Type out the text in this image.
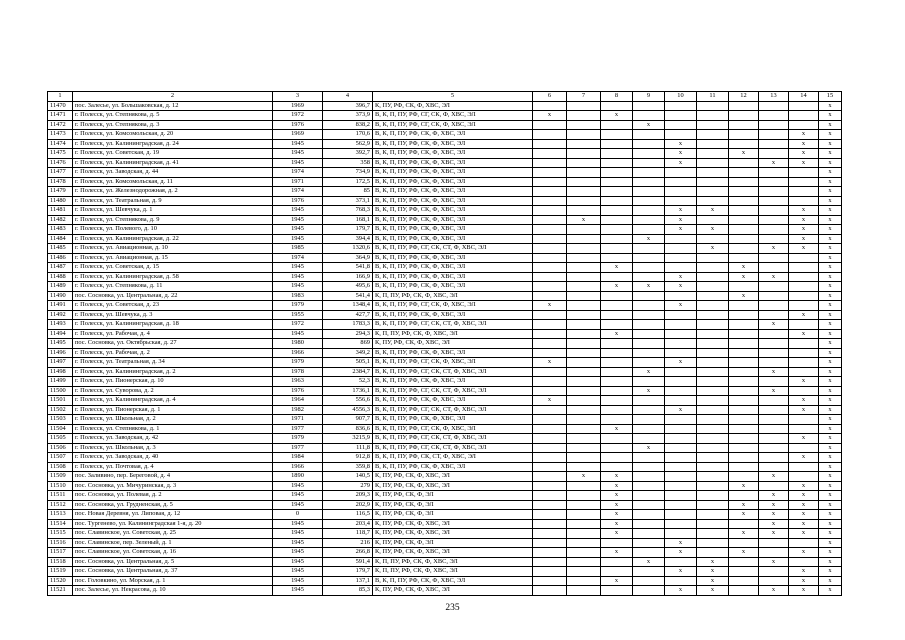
1	2	3	4	5	6	7	8	9	10	11	12	13	14	15
11470	пос. Залесье, ул. Большаковская, д. 12	1969	396,7	К, ПУ, РФ, СК, Ф, ХВС, ЭЛ										x
11471	г. Полесск, ул. Степнякова, д. 5	1972	373,9	В, К, П, ПУ, РФ, СГ, СК, Ф, ХВС, ЭЛ	x		x							x
11472	г. Полесск, ул. Степнякова, д. 3	1976	838,2	В, К, П, ПУ, РФ, СГ, СК, Ф, ХВС, ЭЛ				x						x
11473	г. Полесск, ул. Комсомольская, д. 20	1969	170,6	В, К, П, ПУ, РФ, СК, Ф, ХВС, ЭЛ									x	x
11474	г. Полесск, ул. Калининградская, д. 24	1945	562,9	В, К, П, ПУ, РФ, СК, Ф, ХВС, ЭЛ					x				x	x
11475	г. Полесск, ул. Советская, д. 19	1945	392,7	В, К, П, ПУ, РФ, СК, Ф, ХВС, ЭЛ					x		x		x	x
11476	г. Полесск, ул. Калининградская, д. 41	1945	358	В, К, П, ПУ, РФ, СК, Ф, ХВС, ЭЛ					x			x	x	x
11477	г. Полесск, ул. Заводская, д. 44	1974	734,9	В, К, П, ПУ, РФ, СК, Ф, ХВС, ЭЛ										x
11478	г. Полесск, ул. Комсомольская, д. 11	1971	172,5	В, К, П, ПУ, РФ, СК, Ф, ХВС, ЭЛ										x
11479	г. Полесск, ул. Железнодорожная, д. 2	1974	85	В, К, П, ПУ, РФ, СК, Ф, ХВС, ЭЛ										x
11480	г. Полесск, ул. Театральная, д. 9	1976	373,1	В, К, П, ПУ, РФ, СК, Ф, ХВС, ЭЛ										x
11481	г. Полесск, ул. Шевчука, д. 1	1945	768,3	В, К, П, ПУ, РФ, СК, Ф, ХВС, ЭЛ					x	x			x	x
11482	г. Полесск, ул. Степнякова, д. 9	1945	168,1	В, К, П, ПУ, РФ, СК, Ф, ХВС, ЭЛ		x			x				x	x
11483	г. Полесск, ул. Полевого, д. 10	1945	179,7	В, К, П, ПУ, РФ, СК, Ф, ХВС, ЭЛ					x	x			x	x
11484	г. Полесск, ул. Калининградская, д. 22	1945	394,4	В, К, П, ПУ, РФ, СК, Ф, ХВС, ЭЛ				x					x	x
11485	г. Полесск, ул. Авиационная, д. 10	1985	1320,6	В, К, П, ПУ, РФ, СГ, СК, СТ, Ф, ХВС, ЭЛ						x		x	x	x
11486	г. Полесск, ул. Авиационная, д. 15	1974	364,9	В, К, П, ПУ, РФ, СК, Ф, ХВС, ЭЛ										x
11487	г. Полесск, ул. Советская, д. 15	1945	541,8	В, К, П, ПУ, РФ, СК, Ф, ХВС, ЭЛ			x				x			x
11488	г. Полесск, ул. Калининградская, д. 58	1945	166,9	В, К, П, ПУ, РФ, СК, Ф, ХВС, ЭЛ					x		x	x		x
11489	г. Полесск, ул. Степнякова, д. 11	1945	495,6	В, К, П, ПУ, РФ, СК, Ф, ХВС, ЭЛ			x	x	x					x
11490	пос. Сосновка, ул. Центральная, д. 22	1983	541,4	К, П, ПУ, РФ, СК, Ф, ХВС, ЭЛ							x			x
11491	г. Полесск, ул. Советская, д. 23	1979	1348,4	В, К, П, ПУ, РФ, СГ, СК, Ф, ХВС, ЭЛ	x				x					x
11492	г. Полесск, ул. Шевчука, д. 3	1955	427,7	В, К, П, ПУ, РФ, СК, Ф, ХВС, ЭЛ									x	x
11493	г. Полесск, ул. Калининградская, д. 18	1972	1783,3	В, К, П, ПУ, РФ, СГ, СК, СТ, Ф, ХВС, ЭЛ								x		x
11494	г. Полесск, ул. Рабочая, д. 4	1945	294,3	К, П, ПУ, РФ, СК, Ф, ХВС, ЭЛ			x						x	x
11495	пос. Сосновка, ул. Октябрьская, д. 27	1980	869	К, ПУ, РФ, СК, Ф, ХВС, ЭЛ										x
11496	г. Полесск, ул. Рабочая, д. 2	1966	349,2	В, К, П, ПУ, РФ, СК, Ф, ХВС, ЭЛ										x
11497	г. Полесск, ул. Театральная, д. 34	1979	505,1	В, К, П, ПУ, РФ, СГ, СК, Ф, ХВС, ЭЛ	x				x					x
11498	г. Полесск, ул. Калининградская, д. 2	1978	2384,7	В, К, П, ПУ, РФ, СГ, СК, СТ, Ф, ХВС, ЭЛ				x				x		x
11499	г. Полесск, ул. Пионерская, д. 10	1963	52,3	В, К, П, ПУ, РФ, СК, Ф, ХВС, ЭЛ									x	x
11500	г. Полесск, ул. Суворова, д. 2	1976	1736,1	В, К, П, ПУ, РФ, СГ, СК, СТ, Ф, ХВС, ЭЛ				x				x		x
11501	г. Полесск, ул. Калининградская, д. 4	1964	556,6	В, К, П, ПУ, РФ, СК, Ф, ХВС, ЭЛ	x								x	x
11502	г. Полесск, ул. Пионерская, д. 1	1982	4556,3	В, К, П, ПУ, РФ, СГ, СК, СТ, Ф, ХВС, ЭЛ					x				x	x
11503	г. Полесск, ул. Школьная, д. 2	1971	907,7	В, К, П, ПУ, РФ, СК, Ф, ХВС, ЭЛ										x
11504	г. Полесск, ул. Степнякова, д. 1	1977	836,6	В, К, П, ПУ, РФ, СГ, СК, Ф, ХВС, ЭЛ			x							x
11505	г. Полесск, ул. Заводская, д. 42	1979	3215,9	В, К, П, ПУ, РФ, СГ, СК, СТ, Ф, ХВС, ЭЛ									x	x
11506	г. Полесск, ул. Школьная, д. 3	1977	111,8	В, К, П, ПУ, РФ, СГ, СК, СТ, Ф, ХВС, ЭЛ				x						x
11507	г. Полесск, ул. Заводская, д. 40	1984	912,8	В, К, П, ПУ, РФ, СК, СТ, Ф, ХВС, ЭЛ									x	x
11508	г. Полесск, ул. Почтовая, д. 4	1966	359,8	В, К, П, ПУ, РФ, СК, Ф, ХВС, ЭЛ										x
11509	пос. Заливино, пер. Береговой, д. 4	1890	140,5	К, ПУ, РФ, СК, Ф, ХВС, ЭЛ		x	x					x		x
11510	пос. Сосновка, ул. Мичуринская, д. 3	1945	279	К, ПУ, РФ, СК, Ф, ХВС, ЭЛ			x				x		x	x
11511	пос. Сосновка, ул. Полевая, д. 2	1945	209,3	К, ПУ, РФ, СК, Ф, ЭЛ			x					x	x	x
11512	пос. Сосновка, ул. Грудненская, д. 5	1945	202,9	К, ПУ, РФ, СК, Ф, ЭЛ			x				x	x	x	x
11513	пос. Новая Деревня, ул. Липовая, д. 12	0	116,5	К, ПУ, РФ, СК, Ф, ЭЛ			x				x	x	x	x
11514	пос. Тургенево, ул. Калининградская 1-я, д. 20	1945	203,4	К, ПУ, РФ, СК, Ф, ХВС, ЭЛ			x					x	x	x
11515	пос. Славинское, ул. Советская, д. 25	1945	118,7	К, ПУ, РФ, СК, Ф, ХВС, ЭЛ			x				x	x	x	x
11516	пос. Славинское, пер. Зеленый, д. 1	1945	216	К, ПУ, РФ, СК, Ф, ЭЛ					x					x
11517	пос. Славинское, ул. Советская, д. 16	1945	266,8	К, ПУ, РФ, СК, Ф, ХВС, ЭЛ			x		x		x		x	x
11518	пос. Сосновка, ул. Центральная, д. 5	1945	591,4	К, П, ПУ, РФ, СК, Ф, ХВС, ЭЛ				x		x		x		x
11519	пос. Сосновка, ул. Центральная, д. 37	1945	179,7	К, П, ПУ, РФ, СК, Ф, ХВС, ЭЛ					x	x			x	x
11520	пос. Головкино, ул. Морская, д. 1	1945	137,1	В, К, П, ПУ, РФ, СК, Ф, ХВС, ЭЛ			x			x			x	x
11521	пос. Залесье, ул. Некрасова, д. 10	1945	85,3	К, ПУ, РФ, СК, Ф, ХВС, ЭЛ					x	x		x	x	x
235
